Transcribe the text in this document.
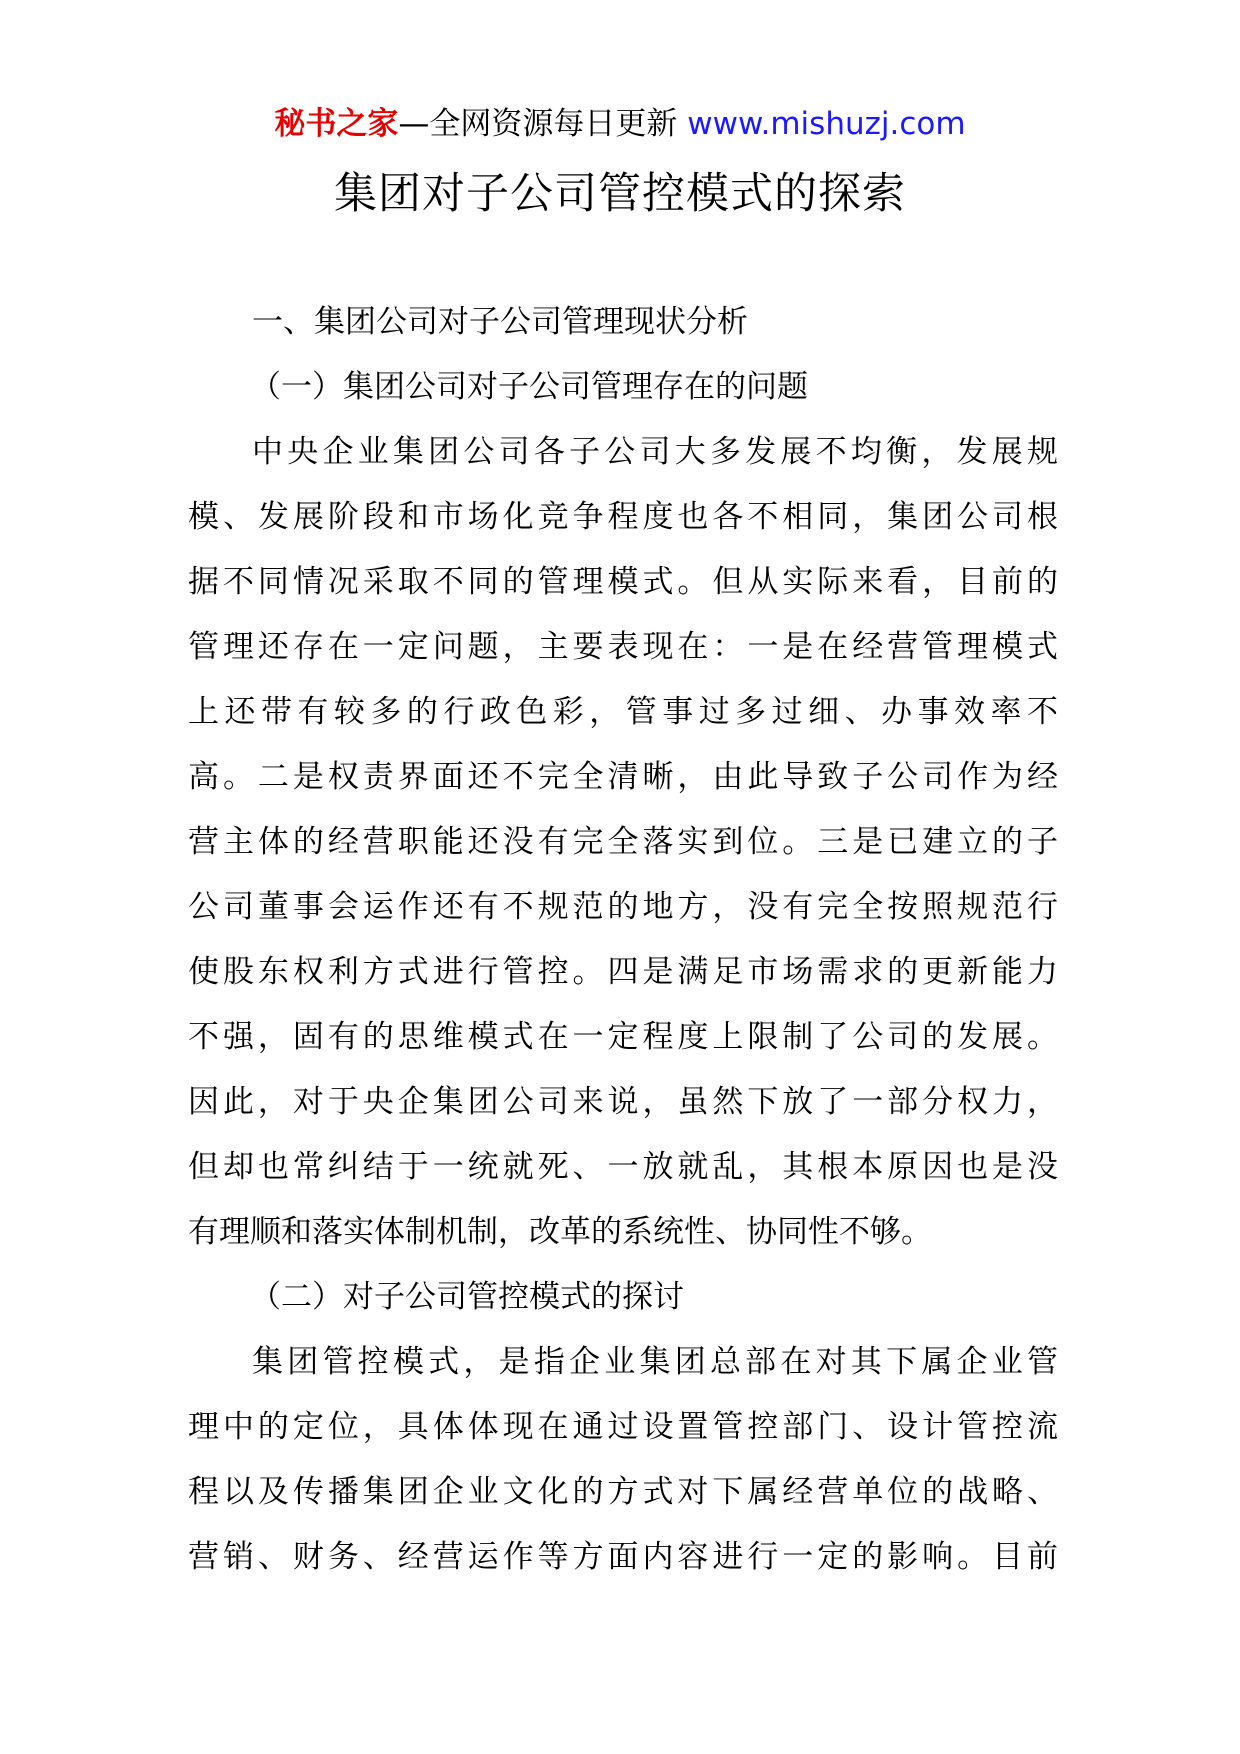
秘书之家—全网资源每日更新 www.mishuzj.com
集团对子公司管控模式的探索

一、集团公司对子公司管理现状分析

（一）集团公司对子公司管理存在的问题

中央企业集团公司各子公司大多发展不均衡，发展规
模、发展阶段和市场化竞争程度也各不相同，集团公司根
据不同情况采取不同的管理模式。但从实际来看，目前的
管理还存在一定问题，主要表现在：一是在经营管理模式
上还带有较多的行政色彩，管事过多过细、办事效率不
高。二是权责界面还不完全清晰，由此导致子公司作为经
营主体的经营职能还没有完全落实到位。三是已建立的子
公司董事会运作还有不规范的地方，没有完全按照规范行
使股东权利方式进行管控。四是满足市场需求的更新能力
不强，固有的思维模式在一定程度上限制了公司的发展。
因此，对于央企集团公司来说，虽然下放了一部分权力，
但却也常纠结于一统就死、一放就乱，其根本原因也是没
有理顺和落实体制机制，改革的系统性、协同性不够。

（二）对子公司管控模式的探讨

集团管控模式，是指企业集团总部在对其下属企业管
理中的定位，具体体现在通过设置管控部门、设计管控流
程以及传播集团企业文化的方式对下属经营单位的战略、
营销、财务、经营运作等方面内容进行一定的影响。目前
